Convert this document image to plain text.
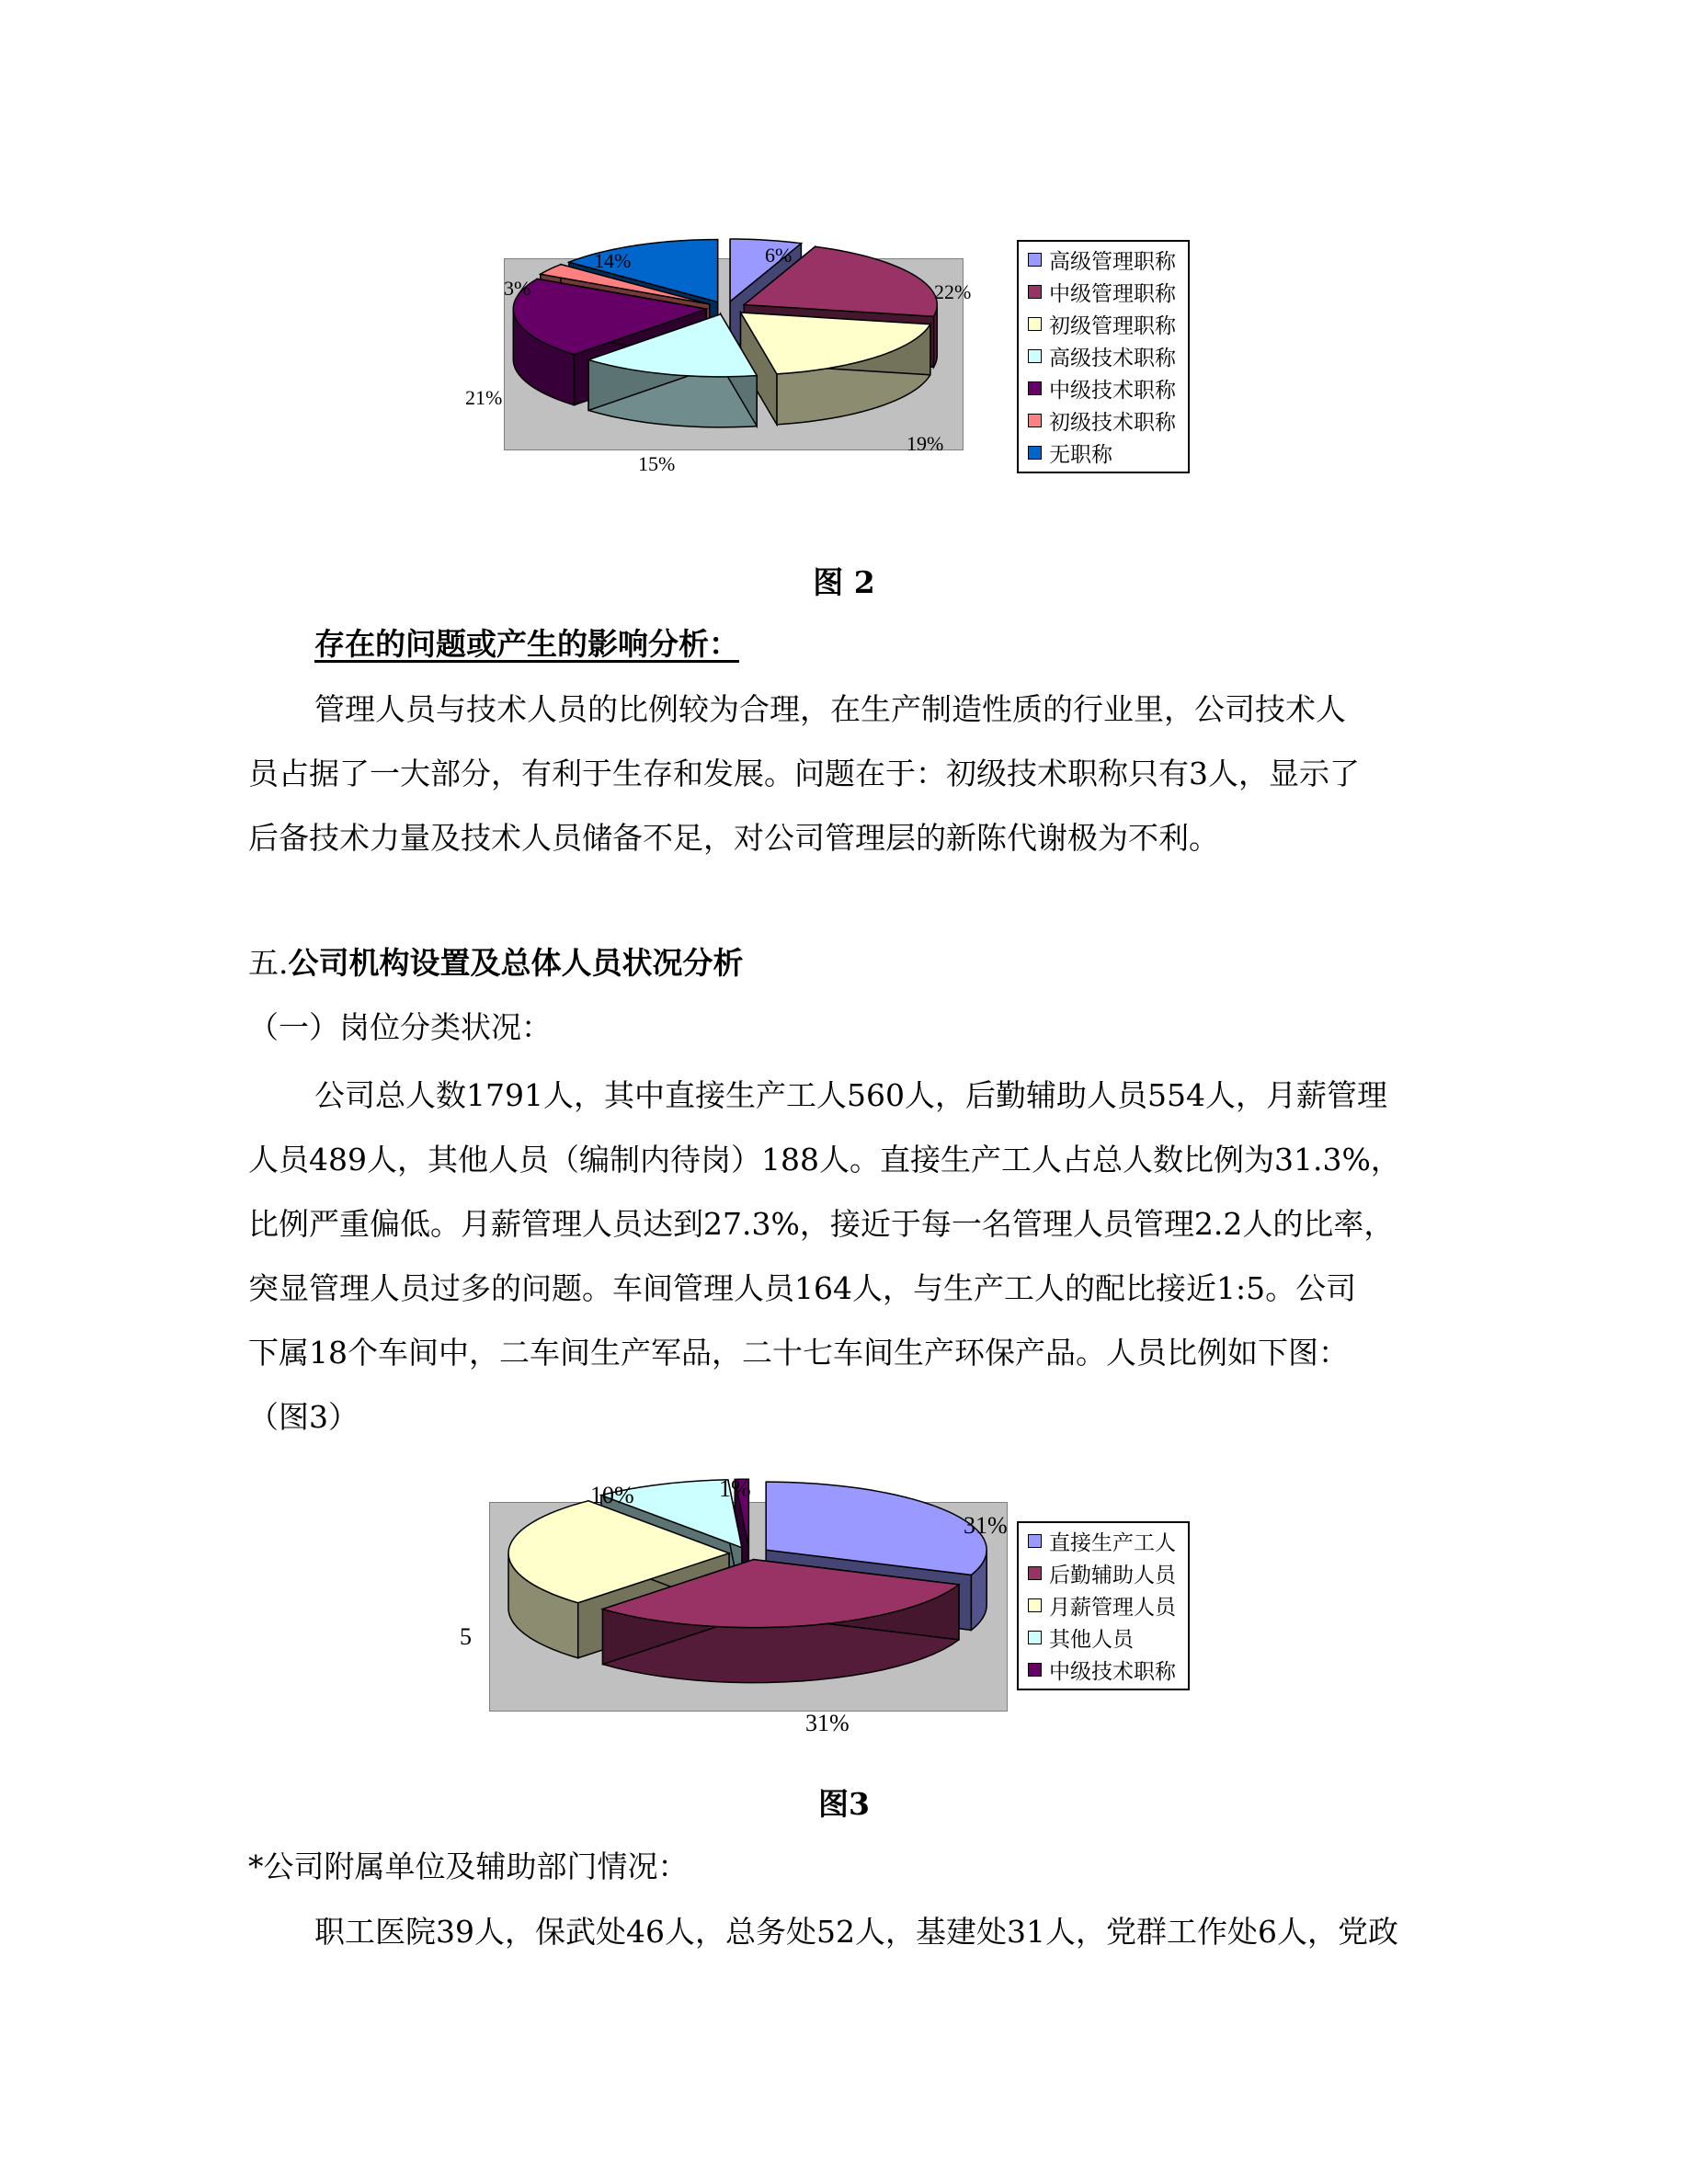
6%
22%
19%
15%
21%
3%
14%	高级管理职称
中级管理职称
初级管理职称
高级技术职称
中级技术职称
初级技术职称
无职称
图 2
存在的问题或产生的影响分析：
管理人员与技术人员的比例较为合理，在生产制造性质的行业里，公司技术人
员占据了一大部分，有利于生存和发展。问题在于：初级技术职称只有3人，显示了
后备技术力量及技术人员储备不足，对公司管理层的新陈代谢极为不利。
五.公司机构设置及总体人员状况分析
（一）岗位分类状况：
公司总人数1791人，其中直接生产工人560人，后勤辅助人员554人，月薪管理
人员489人，其他人员（编制内待岗）188人。直接生产工人占总人数比例为31.3%，
比例严重偏低。月薪管理人员达到27.3%，接近于每一名管理人员管理2.2人的比率，
突显管理人员过多的问题。车间管理人员164人，与生产工人的配比接近1:5。公司
下属18个车间中，二车间生产军品，二十七车间生产环保产品。人员比例如下图：
（图3）
31%
31%
10%	1%
5
直接生产工人
后勤辅助人员
月薪管理人员
其他人员
中级技术职称
图3
*公司附属单位及辅助部门情况：
职工医院39人，保武处46人，总务处52人，基建处31人，党群工作处6人，党政
